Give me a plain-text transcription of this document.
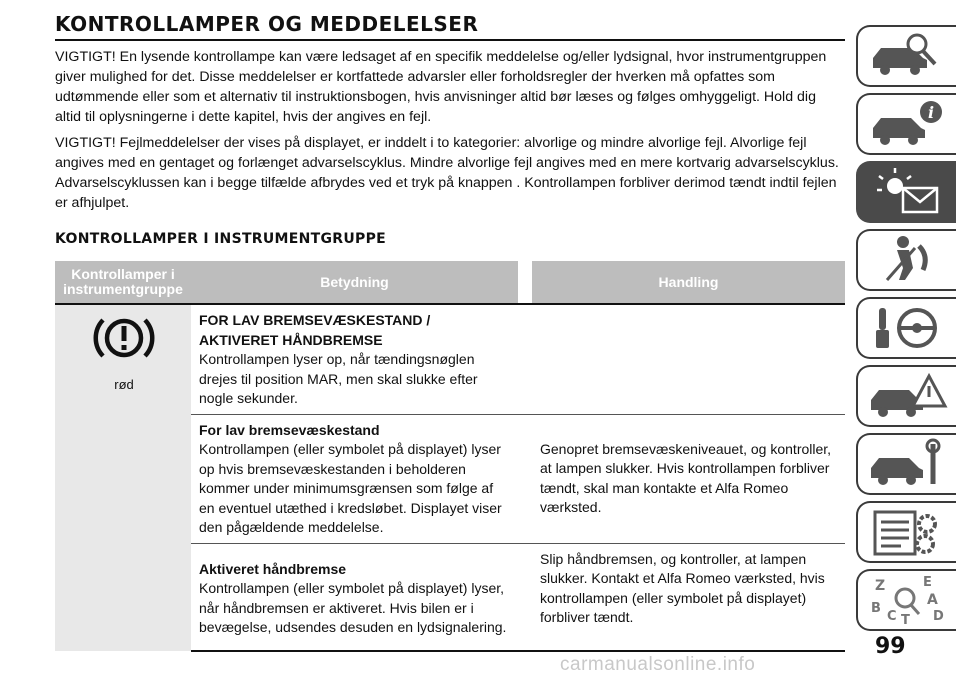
KONTROLLAMPER OG MEDDELELSER

VIGTIGT! En lysende kontrollampe kan være ledsaget af en specifik meddelelse og/eller lydsignal, hvor instrumentgruppen giver mulighed for det. Disse meddelelser er kortfattede advarsler eller forholdsregler der hverken må opfattes som udtømmende eller som et alternativ til instruktionsbogen, hvis anvisninger altid bør læses og følges omhyggeligt. Hold dig altid til oplysningerne i dette kapitel, hvis der angives en fejl.

VIGTIGT! Fejlmeddelelser der vises på displayet, er inddelt i to kategorier: alvorlige og mindre alvorlige fejl. Alvorlige fejl angives med en gentaget og forlænget advarselscyklus. Mindre alvorlige fejl angives med en mere kortvarig advarselscyklus. Advarselscyklussen kan i begge tilfælde afbrydes ved et tryk på knappen . Kontrollampen forbliver derimod tændt indtil fejlen er afhjulpet.

KONTROLLAMPER I INSTRUMENTGRUPPE
Kontrollamper i instrumentgruppe	Betydning		Handling

rød	FOR LAV BREMSEVÆSKESTAND / AKTIVERET HÅNDBREMSE
Kontrollampen lyser op, når tændingsnøglen drejes til position MAR, men skal slukke efter nogle sekunder.		

	For lav bremsevæskestand
Kontrollampen (eller symbolet på displayet) lyser op hvis bremsevæskestanden i beholderen kommer under minimumsgrænsen som følge af en eventuel utæthed i kredsløbet. Displayet viser den pågældende meddelelse.		Genopret bremsevæskeniveauet, og kontroller, at lampen slukker. Hvis kontrollampen forbliver tændt, skal man kontakte et Alfa Romeo værksted.

	Aktiveret håndbremse
Kontrollampen (eller symbolet på displayet) lyser, når håndbremsen er aktiveret. Hvis bilen er i bevægelse, udsendes desuden en lydsignalering.		Slip håndbremsen, og kontroller, at lampen slukker. Kontakt et Alfa Romeo værksted, hvis kontrollampen (eller symbolet på displayet) forbliver tændt.
i
Z	E
A
B
C T D
99
carmanualsonline.info
